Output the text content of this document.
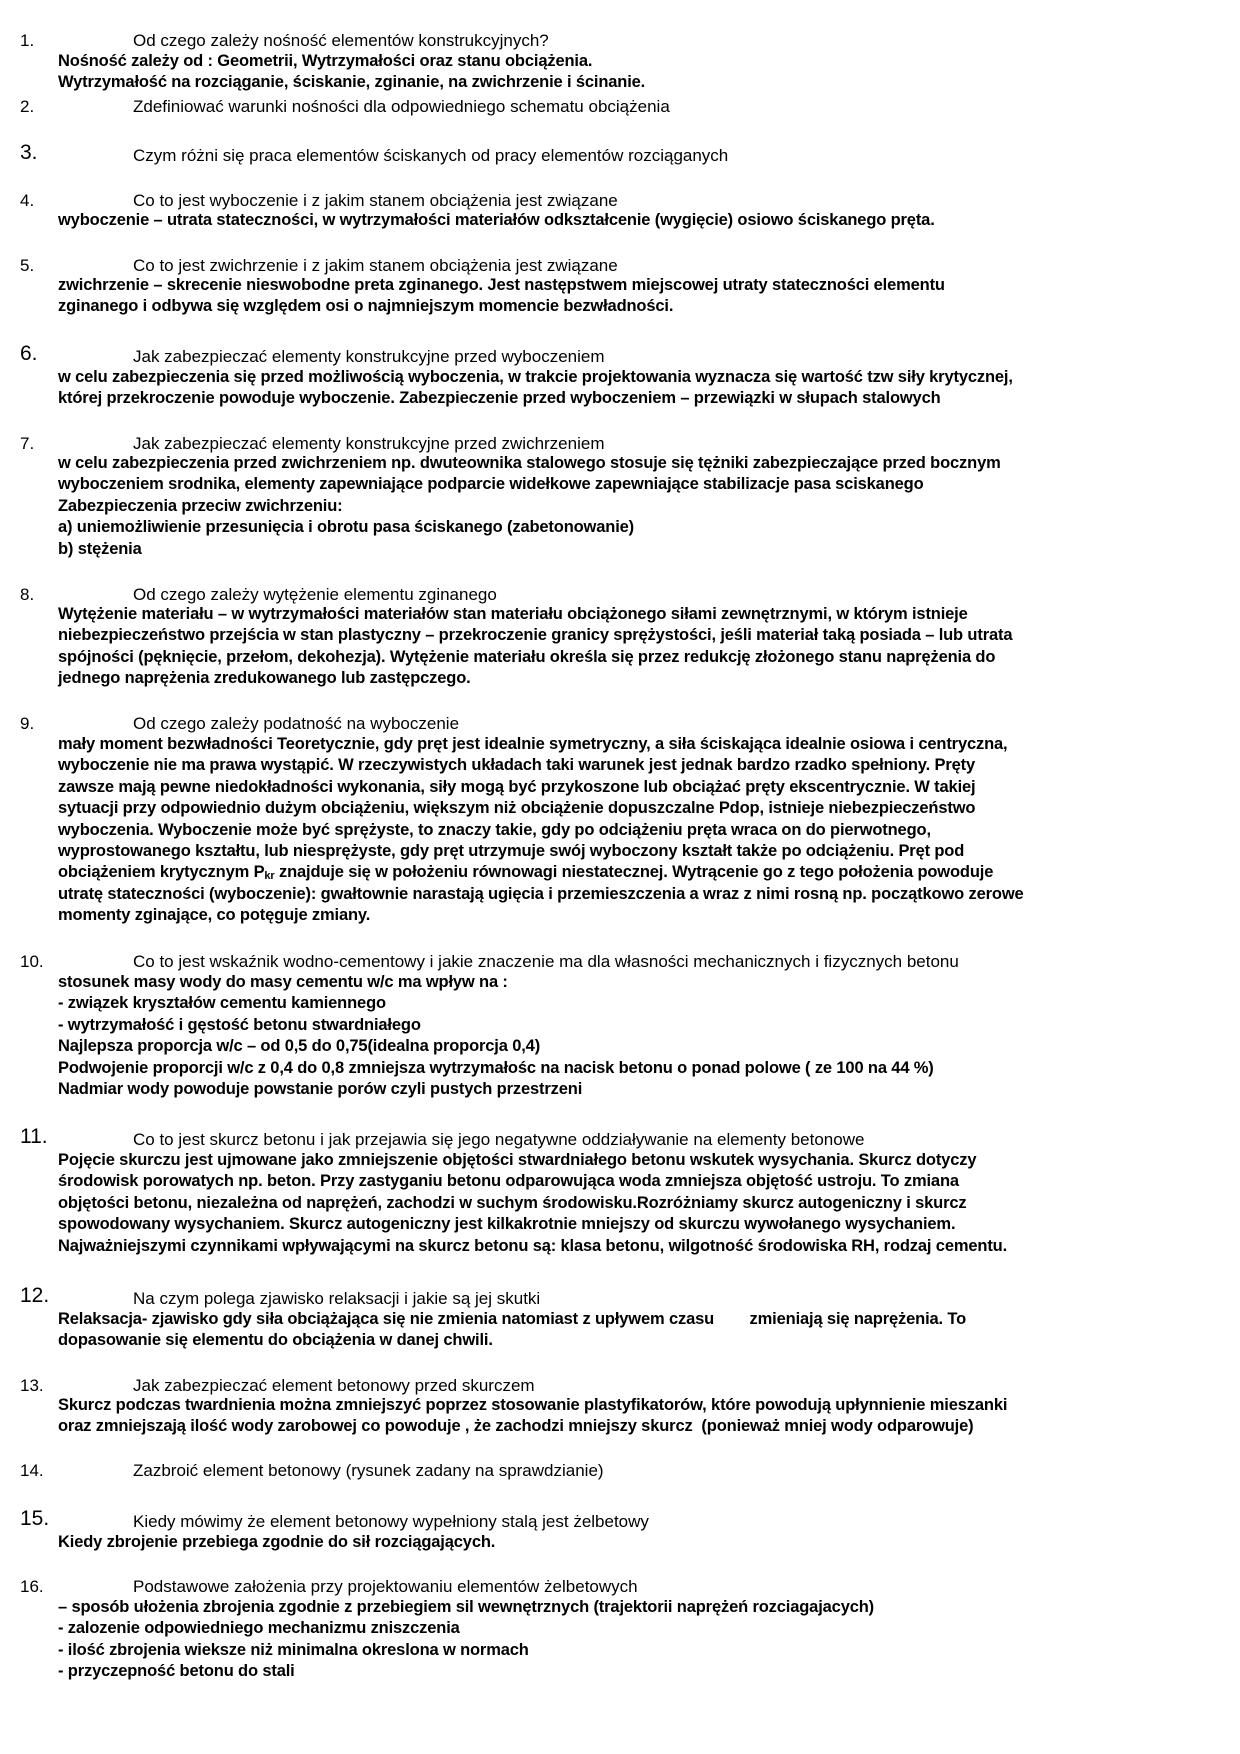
1.	Od czego zależy nośność elementów konstrukcyjnych?
Nośność zależy od : Geometrii, Wytrzymałości oraz stanu obciążenia.
Wytrzymałość na rozciąganie, ściskanie, zginanie, na zwichrzenie i ścinanie.
2.	Zdefiniować warunki nośności dla odpowiedniego schematu obciążenia
3.	Czym różni się praca elementów ściskanych od pracy elementów rozciąganych
4.	Co to jest wyboczenie i z jakim stanem obciążenia jest związane
wyboczenie – utrata stateczności, w wytrzymałości materiałów odkształcenie (wygięcie) osiowo ściskanego pręta.
5.	Co to jest zwichrzenie i z jakim stanem obciążenia jest związane
zwichrzenie – skrecenie nieswobodne preta zginanego. Jest następstwem miejscowej utraty stateczności elementu
zginanego i odbywa się względem osi o najmniejszym momencie bezwładności.
6.	Jak zabezpieczać elementy konstrukcyjne przed wyboczeniem
w celu zabezpieczenia się przed możliwością wyboczenia, w trakcie projektowania wyznacza się wartość tzw siły krytycznej,
której przekroczenie powoduje wyboczenie. Zabezpieczenie przed wyboczeniem – przewiązki w słupach stalowych
7.	Jak zabezpieczać elementy konstrukcyjne przed zwichrzeniem
w celu zabezpieczenia przed zwichrzeniem np. dwuteownika stalowego stosuje się tężniki zabezpieczające przed bocznym
wyboczeniem srodnika, elementy zapewniające podparcie widełkowe zapewniające stabilizacje pasa sciskanego
Zabezpieczenia przeciw zwichrzeniu:
a) uniemożliwienie przesunięcia i obrotu pasa ściskanego (zabetonowanie)
b) stężenia
8.	Od czego zależy wytężenie elementu zginanego
Wytężenie materiału – w wytrzymałości materiałów stan materiału obciążonego siłami zewnętrznymi, w którym istnieje
niebezpieczeństwo przejścia w stan plastyczny – przekroczenie granicy sprężystości, jeśli materiał taką posiada – lub utrata
spójności (pęknięcie, przełom, dekohezja). Wytężenie materiału określa się przez redukcję złożonego stanu naprężenia do
jednego naprężenia zredukowanego lub zastępczego.
9.	Od czego zależy podatność na wyboczenie
mały moment bezwładności Teoretycznie, gdy pręt jest idealnie symetryczny, a siła ściskająca idealnie osiowa i centryczna,
wyboczenie nie ma prawa wystąpić. W rzeczywistych układach taki warunek jest jednak bardzo rzadko spełniony. Pręty
zawsze mają pewne niedokładności wykonania, siły mogą być przykoszone lub obciążać pręty ekscentrycznie. W takiej
sytuacji przy odpowiednio dużym obciążeniu, większym niż obciążenie dopuszczalne Pdop, istnieje niebezpieczeństwo
wyboczenia. Wyboczenie może być sprężyste, to znaczy takie, gdy po odciążeniu pręta wraca on do pierwotnego,
wyprostowanego kształtu, lub niesprężyste, gdy pręt utrzymuje swój wyboczony kształt także po odciążeniu. Pręt pod
obciążeniem krytycznym $P_{kr}$ znajduje się w położeniu równowagi niestatecznej. Wytrącenie go z tego położenia powoduje
utratę stateczności (wyboczenie): gwałtownie narastają ugięcia i przemieszczenia a wraz z nimi rosną np. początkowo zerowe
momenty zginające, co potęguje zmiany.
10.	Co to jest wskaźnik wodno-cementowy i jakie znaczenie ma dla własności mechanicznych i fizycznych betonu
stosunek masy wody do masy cementu w/c ma wpływ na :
- związek kryształów cementu kamiennego
- wytrzymałość i gęstość betonu stwardniałego
Najlepsza proporcja w/c – od 0,5 do 0,75(idealna proporcja 0,4)
Podwojenie proporcji w/c z 0,4 do 0,8 zmniejsza wytrzymałośc na nacisk betonu o ponad polowe ( ze 100 na 44 %)
Nadmiar wody powoduje powstanie porów czyli pustych przestrzeni
11.	Co to jest skurcz betonu i jak przejawia się jego negatywne oddziaływanie na elementy betonowe
Pojęcie skurczu jest ujmowane jako zmniejszenie objętości stwardniałego betonu wskutek wysychania. Skurcz dotyczy
środowisk porowatych np. beton. Przy zastyganiu betonu odparowująca woda zmniejsza objętość ustroju. To zmiana
objętości betonu, niezależna od naprężeń, zachodzi w suchym środowisku.Rozróżniamy skurcz autogeniczny i skurcz
spowodowany wysychaniem. Skurcz autogeniczny jest kilkakrotnie mniejszy od skurczu wywołanego wysychaniem.
Najważniejszymi czynnikami wpływającymi na skurcz betonu są: klasa betonu, wilgotność środowiska RH, rodzaj cementu.
12.	Na czym polega zjawisko relaksacji i jakie są jej skutki
Relaksacja- zjawisko gdy siła obciążająca się nie zmienia natomiast z upływem czasu        zmieniają się naprężenia. To
dopasowanie się elementu do obciążenia w danej chwili.
13.	Jak zabezpieczać element betonowy przed skurczem
Skurcz podczas twardnienia można zmniejszyć poprzez stosowanie plastyfikatorów, które powodują upłynnienie mieszanki
oraz zmniejszają ilość wody zarobowej co powoduje , że zachodzi mniejszy skurcz  (ponieważ mniej wody odparowuje)
14.	Zazbroić element betonowy (rysunek zadany na sprawdzianie)
15.	Kiedy mówimy że element betonowy wypełniony stalą jest żelbetowy
Kiedy zbrojenie przebiega zgodnie do sił rozciągających.
16.	Podstawowe założenia przy projektowaniu elementów żelbetowych
– sposób ułożenia zbrojenia zgodnie z przebiegiem sil wewnętrznych (trajektorii naprężeń rozciagajacych)
- zalozenie odpowiedniego mechanizmu zniszczenia
- ilość zbrojenia wieksze niż minimalna okreslona w normach
- przyczepność betonu do stali
